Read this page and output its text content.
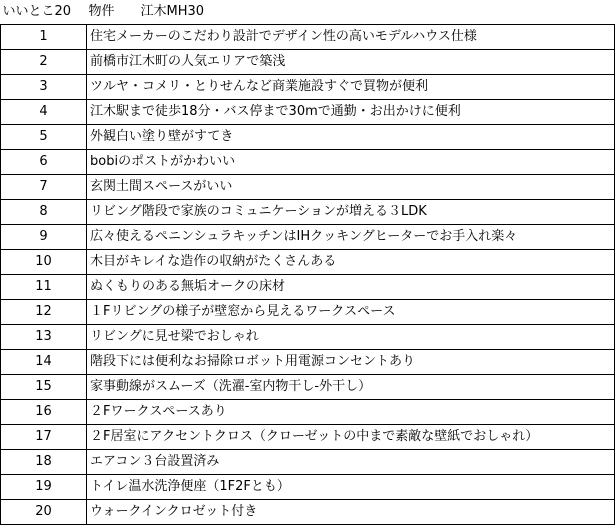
いいとこ20	物件 江木MH30
1	住宅メーカーのこだわり設計でデザイン性の高いモデルハウス仕様
2	前橋市江木町の人気エリアで築浅
3	ツルヤ・コメリ・とりせんなど商業施設すぐで買物が便利
4	江木駅まで徒歩18分・バス停まで30mで通勤・お出かけに便利
5	外観白い塗り壁がすてき
6	bobiのポストがかわいい
7	玄関土間スペースがいい
8	リビング階段で家族のコミュニケーションが増える３LDK
9	広々使えるペニンシュラキッチンはIHクッキングヒーターでお手入れ楽々
10	木目がキレイな造作の収納がたくさんある
11	ぬくもりのある無垢オークの床材
12	１Fリビングの様子が壁窓から見えるワークスペース
13	リビングに見せ梁でおしゃれ
14	階段下には便利なお掃除ロボット用電源コンセントあり
15	家事動線がスムーズ（洗濯-室内物干し-外干し）
16	２Fワークスペースあり
17	２F居室にアクセントクロス（クローゼットの中まで素敵な壁紙でおしゃれ）
18	エアコン３台設置済み
19	トイレ温水洗浄便座（1F2Fとも）
20	ウォークインクロゼット付き
